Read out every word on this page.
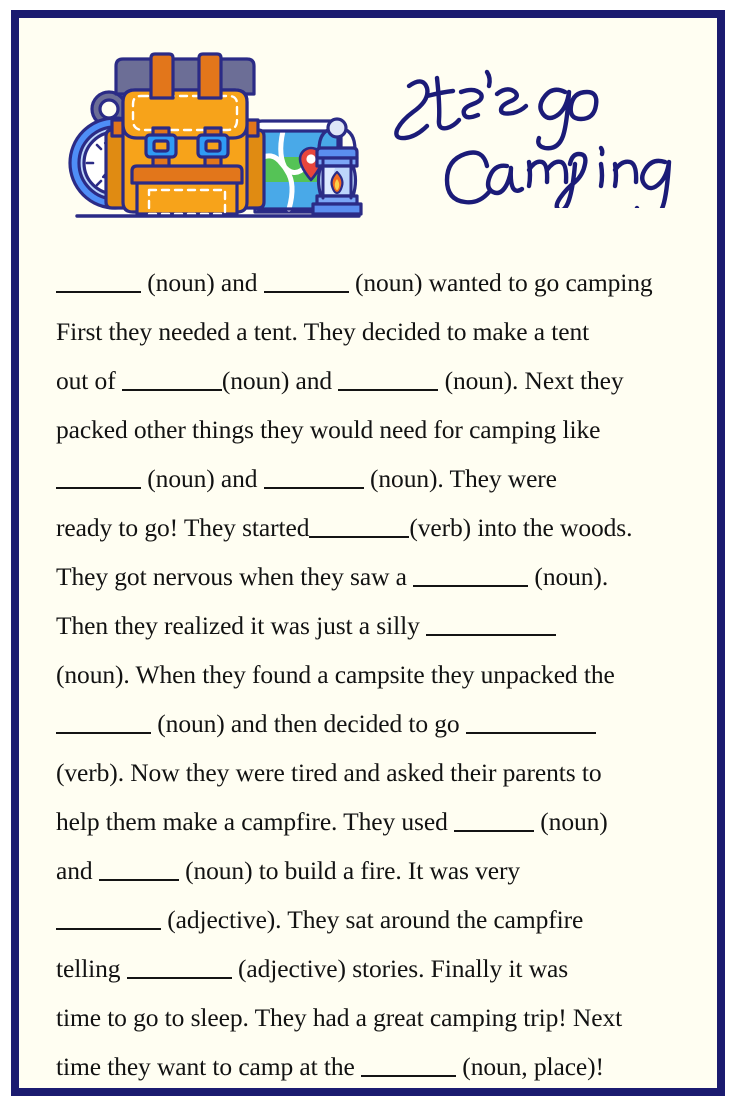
(noun) and	(noun) wanted to go camping
First they needed a tent. They decided to make a tent
out of	(noun) and	(noun). Next they
packed other things they would need for camping like
(noun) and	(noun). They were
ready to go! They started	(verb) into the woods.
They got nervous when they saw a	(noun).
Then they realized it was just a silly
(noun). When they found a campsite they unpacked the
(noun) and then decided to go
(verb). Now they were tired and asked their parents to
help them make a campfire. They used	(noun)
and	(noun) to build a fire. It was very
(adjective). They sat around the campfire
telling	(adjective) stories. Finally it was
time to go to sleep. They had a great camping trip! Next
time they want to camp at the	(noun, place)!
